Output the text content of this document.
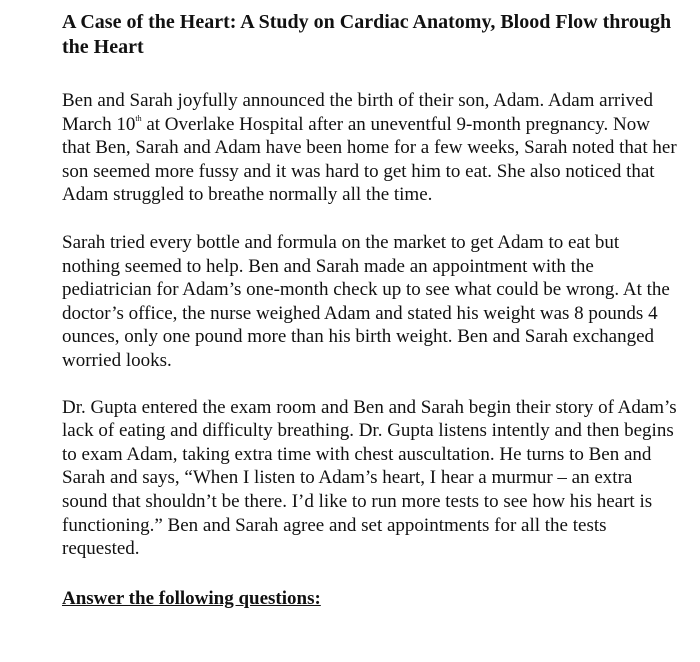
A Case of the Heart: A Study on Cardiac Anatomy, Blood Flow through the Heart

Ben and Sarah joyfully announced the birth of their son, Adam. Adam arrived March 10th at Overlake Hospital after an uneventful 9-month pregnancy. Now that Ben, Sarah and Adam have been home for a few weeks, Sarah noted that her son seemed more fussy and it was hard to get him to eat. She also noticed that Adam struggled to breathe normally all the time.

Sarah tried every bottle and formula on the market to get Adam to eat but nothing seemed to help. Ben and Sarah made an appointment with the pediatrician for Adam’s one-month check up to see what could be wrong. At the doctor’s office, the nurse weighed Adam and stated his weight was 8 pounds 4 ounces, only one pound more than his birth weight. Ben and Sarah exchanged worried looks.

Dr. Gupta entered the exam room and Ben and Sarah begin their story of Adam’s lack of eating and difficulty breathing. Dr. Gupta listens intently and then begins to exam Adam, taking extra time with chest auscultation. He turns to Ben and Sarah and says, “When I listen to Adam’s heart, I hear a murmur – an extra sound that shouldn’t be there. I’d like to run more tests to see how his heart is functioning.” Ben and Sarah agree and set appointments for all the tests requested.

Answer the following questions:
